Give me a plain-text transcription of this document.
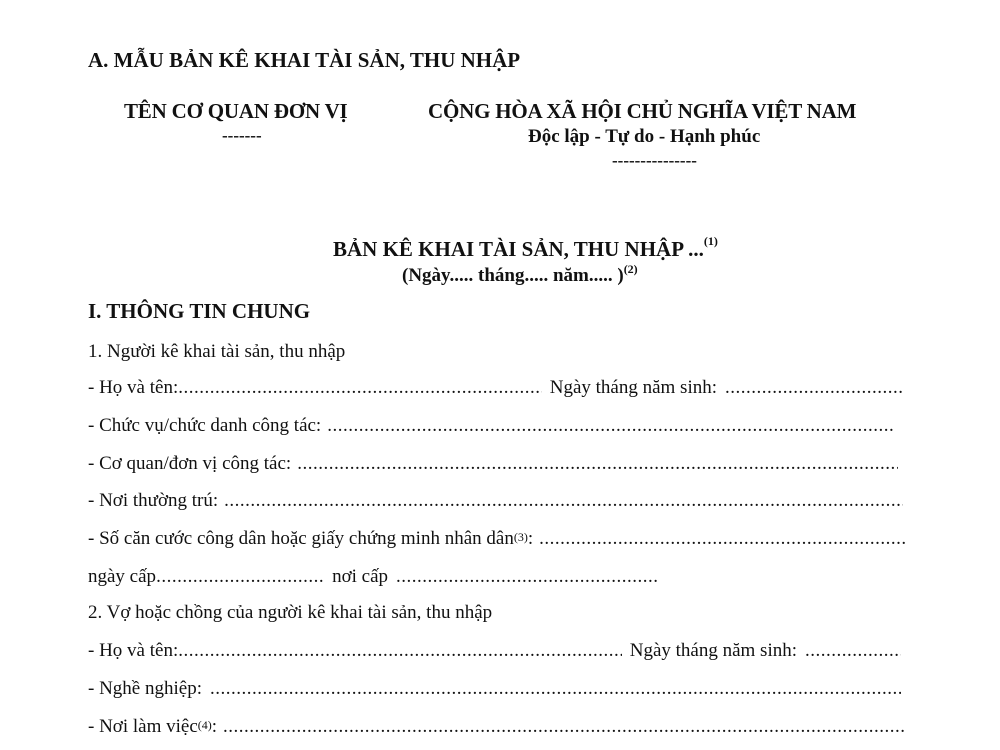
A. MẪU BẢN KÊ KHAI TÀI SẢN, THU NHẬP
TÊN CƠ QUAN ĐƠN VỊ
-------
CỘNG HÒA XÃ HỘI CHỦ NGHĨA VIỆT NAM
Độc lập - Tự do - Hạnh phúc
---------------
BẢN KÊ KHAI TÀI SẢN, THU NHẬP ...$^{(1)}$
(Ngày..... tháng..... năm..... )$^{(2)}$
I. THÔNG TIN CHUNG
1. Người kê khai tài sản, thu nhập
- Họ và tên: .....	Ngày tháng năm sinh:
.....
- Chức vụ/chức danh công tác:
.....
- Cơ quan/đơn vị công tác:
.....
- Nơi thường trú:
.....
- Số căn cước công dân hoặc giấy chứng minh nhân dân$^{(3)}$ :
.....
ngày cấp .....	nơi cấp
.....
2. Vợ hoặc chồng của người kê khai tài sản, thu nhập
- Họ và tên: .....	Ngày tháng năm sinh:
.....
- Nghề nghiệp:
.....
- Nơi làm việc$^{(4)}$ :
.....
